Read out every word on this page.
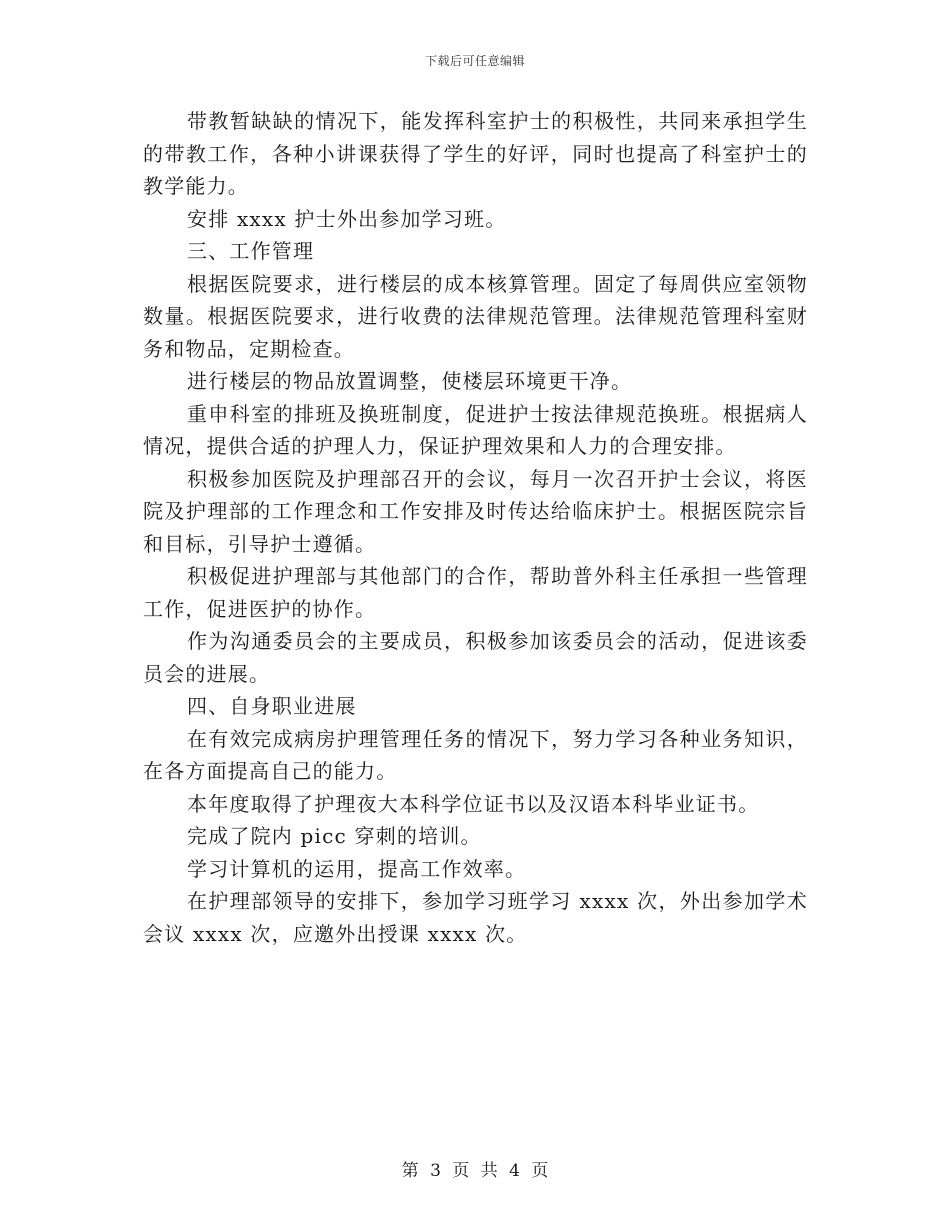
下载后可任意编辑

带教暂缺缺的情况下，能发挥科室护士的积极性，共同来承担学生的带教工作，各种小讲课获得了学生的好评，同时也提高了科室护士的教学能力。

安排 xxxx 护士外出参加学习班。

三、工作管理

根据医院要求，进行楼层的成本核算管理。固定了每周供应室领物数量。根据医院要求，进行收费的法律规范管理。法律规范管理科室财务和物品，定期检查。

进行楼层的物品放置调整，使楼层环境更干净。

重申科室的排班及换班制度，促进护士按法律规范换班。根据病人情况，提供合适的护理人力，保证护理效果和人力的合理安排。

积极参加医院及护理部召开的会议，每月一次召开护士会议，将医院及护理部的工作理念和工作安排及时传达给临床护士。根据医院宗旨和目标，引导护士遵循。

积极促进护理部与其他部门的合作，帮助普外科主任承担一些管理工作，促进医护的协作。

作为沟通委员会的主要成员，积极参加该委员会的活动，促进该委员会的进展。

四、自身职业进展

在有效完成病房护理管理任务的情况下，努力学习各种业务知识，在各方面提高自己的能力。

本年度取得了护理夜大本科学位证书以及汉语本科毕业证书。

完成了院内 picc 穿刺的培训。

学习计算机的运用，提高工作效率。

在护理部领导的安排下，参加学习班学习 xxxx 次，外出参加学术会议 xxxx 次，应邀外出授课 xxxx 次。

第 3 页 共 4 页
